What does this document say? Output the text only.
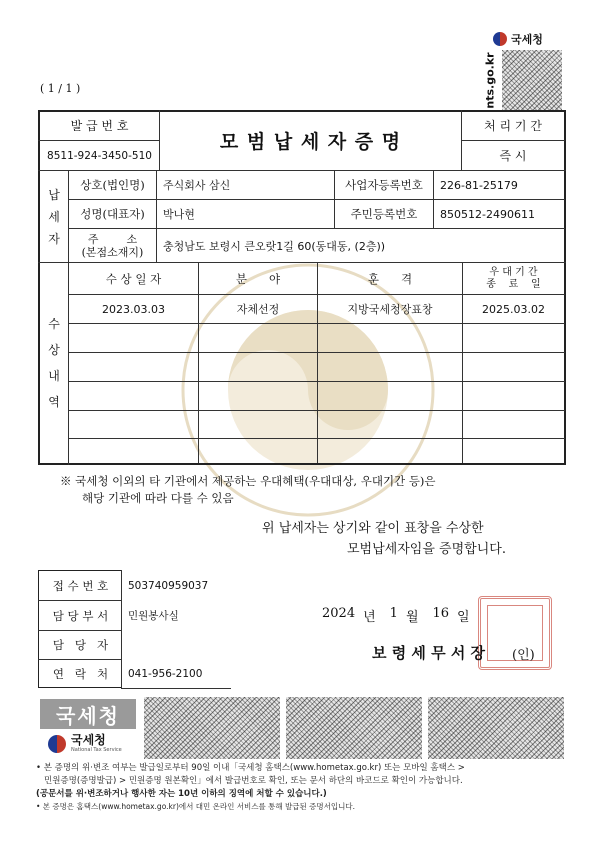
국세청
nts.go.kr
( 1 / 1 )
발 급 번 호
8511-924-3450-510
모 범 납 세 자 증 명
처 리 기 간
즉 시
납 세 자
상호(법인명)	주식회사 삼신	사업자등록번호	226-81-25179
성명(대표자)	박나현	주민등록번호	850512-2490611
주        소
(본점소재지)	충청남도 보령시 큰오랏1길 60(동대동, (2층))
수 상 내 역
수 상 일 자	분      야	훈      격	우 대 기 간
종    료    일
2023.03.03	자체선정	지방국세청장표창	2025.03.02
※ 국세청 이외의 타 기관에서 제공하는 우대혜택(우대대상, 우대기간 등)은
해당 기관에 따라 다를 수 있음
위 납세자는 상기와 같이 표창을 수상한
모범납세자임을 증명합니다.
접 수 번 호	503740959037
담 당 부 서	민원봉사실
담   당   자
연   락   처	041-956-2100
2024 년 1 월 16 일
보 령 세 무 서 장 (인)
국세청
국세청
National Tax Service
• 본 증명의 위·변조 여부는 발급일로부터 90일 이내「국세청 홈택스(www.hometax.go.kr) 또는 모바일 홈택스 >
민원증명(증명발급) > 민원증명 원본확인」에서 발급번호로 확인, 또는 문서 하단의 바코드로 확인이 가능합니다.
(공문서를 위·변조하거나 행사한 자는 10년 이하의 징역에 처할 수 있습니다.)
• 본 증명은 홈택스(www.hometax.go.kr)에서 대민 온라인 서비스를 통해 발급된 증명서입니다.
